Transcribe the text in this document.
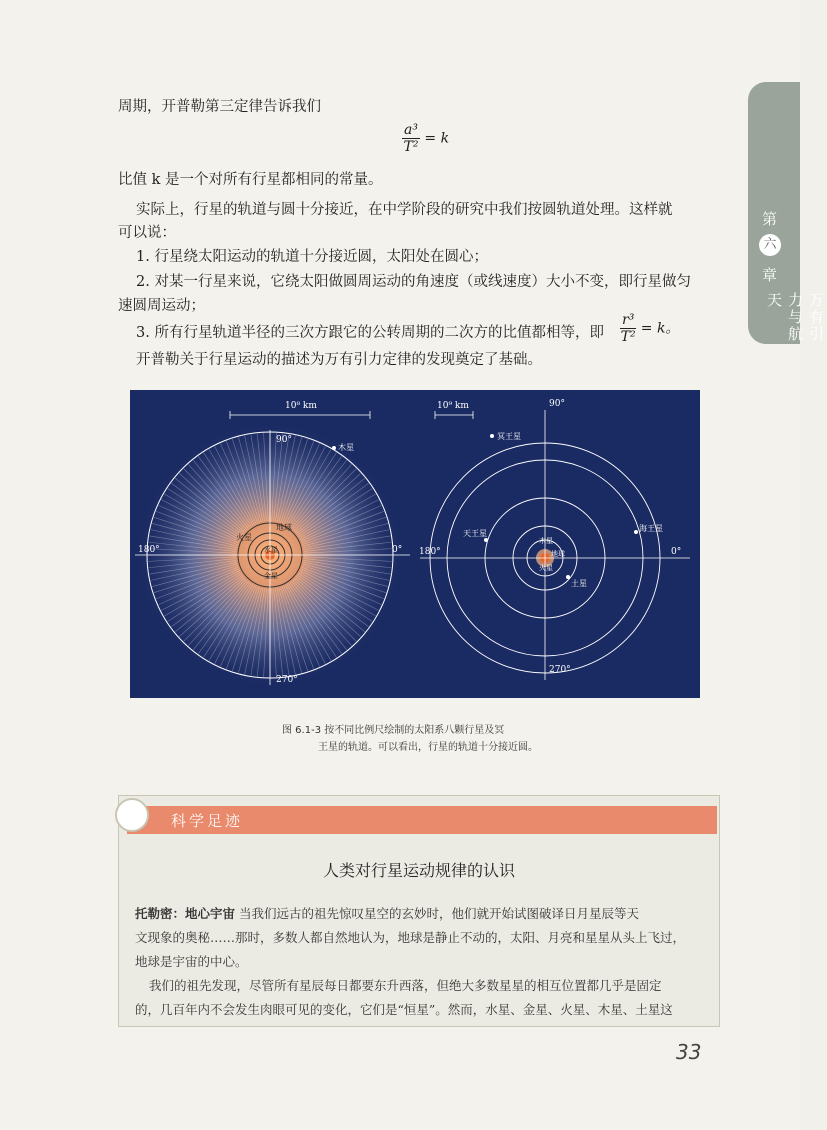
第
六
章
万有引力与航天
周期，开普勒第三定律告诉我们
$\frac{\text{a³}}{\text{T²}} = k$
比值 k 是一个对所有行星都相同的常量。
实际上，行星的轨道与圆十分接近，在中学阶段的研究中我们按圆轨道处理。这样就
可以说：
1. 行星绕太阳运动的轨道十分接近圆，太阳处在圆心；
2. 对某一行星来说，它绕太阳做圆周运动的角速度（或线速度）大小不变，即行星做匀
速圆周运动；
3. 所有行星轨道半径的三次方跟它的公转周期的二次方的比值都相等，即 $\frac{\text{r³}}{\text{T²}} = k$。
开普勒关于行星运动的描述为万有引力定律的发现奠定了基础。
10⁸ km
90°
180°	0°
270°
木星
地球
火星
水星
金星
10⁹ km	90°
180°	0°
270°
冥王星
天王星
木星
地球
火星
土星
海王星
图 6.1-3 按不同比例尺绘制的太阳系八颗行星及冥
王星的轨道。可以看出，行星的轨道十分接近圆。
科学足迹
人类对行星运动规律的认识
托勒密：地心宇宙 当我们远古的祖先惊叹星空的玄妙时，他们就开始试图破译日月星辰等天
文现象的奥秘……那时，多数人都自然地认为，地球是静止不动的，太阳、月亮和星星从头上飞过，
地球是宇宙的中心。
我们的祖先发现，尽管所有星辰每日都要东升西落，但绝大多数星星的相互位置都几乎是固定
的，几百年内不会发生肉眼可见的变化，它们是“恒星”。然而，水星、金星、火星、木星、土星这
33
